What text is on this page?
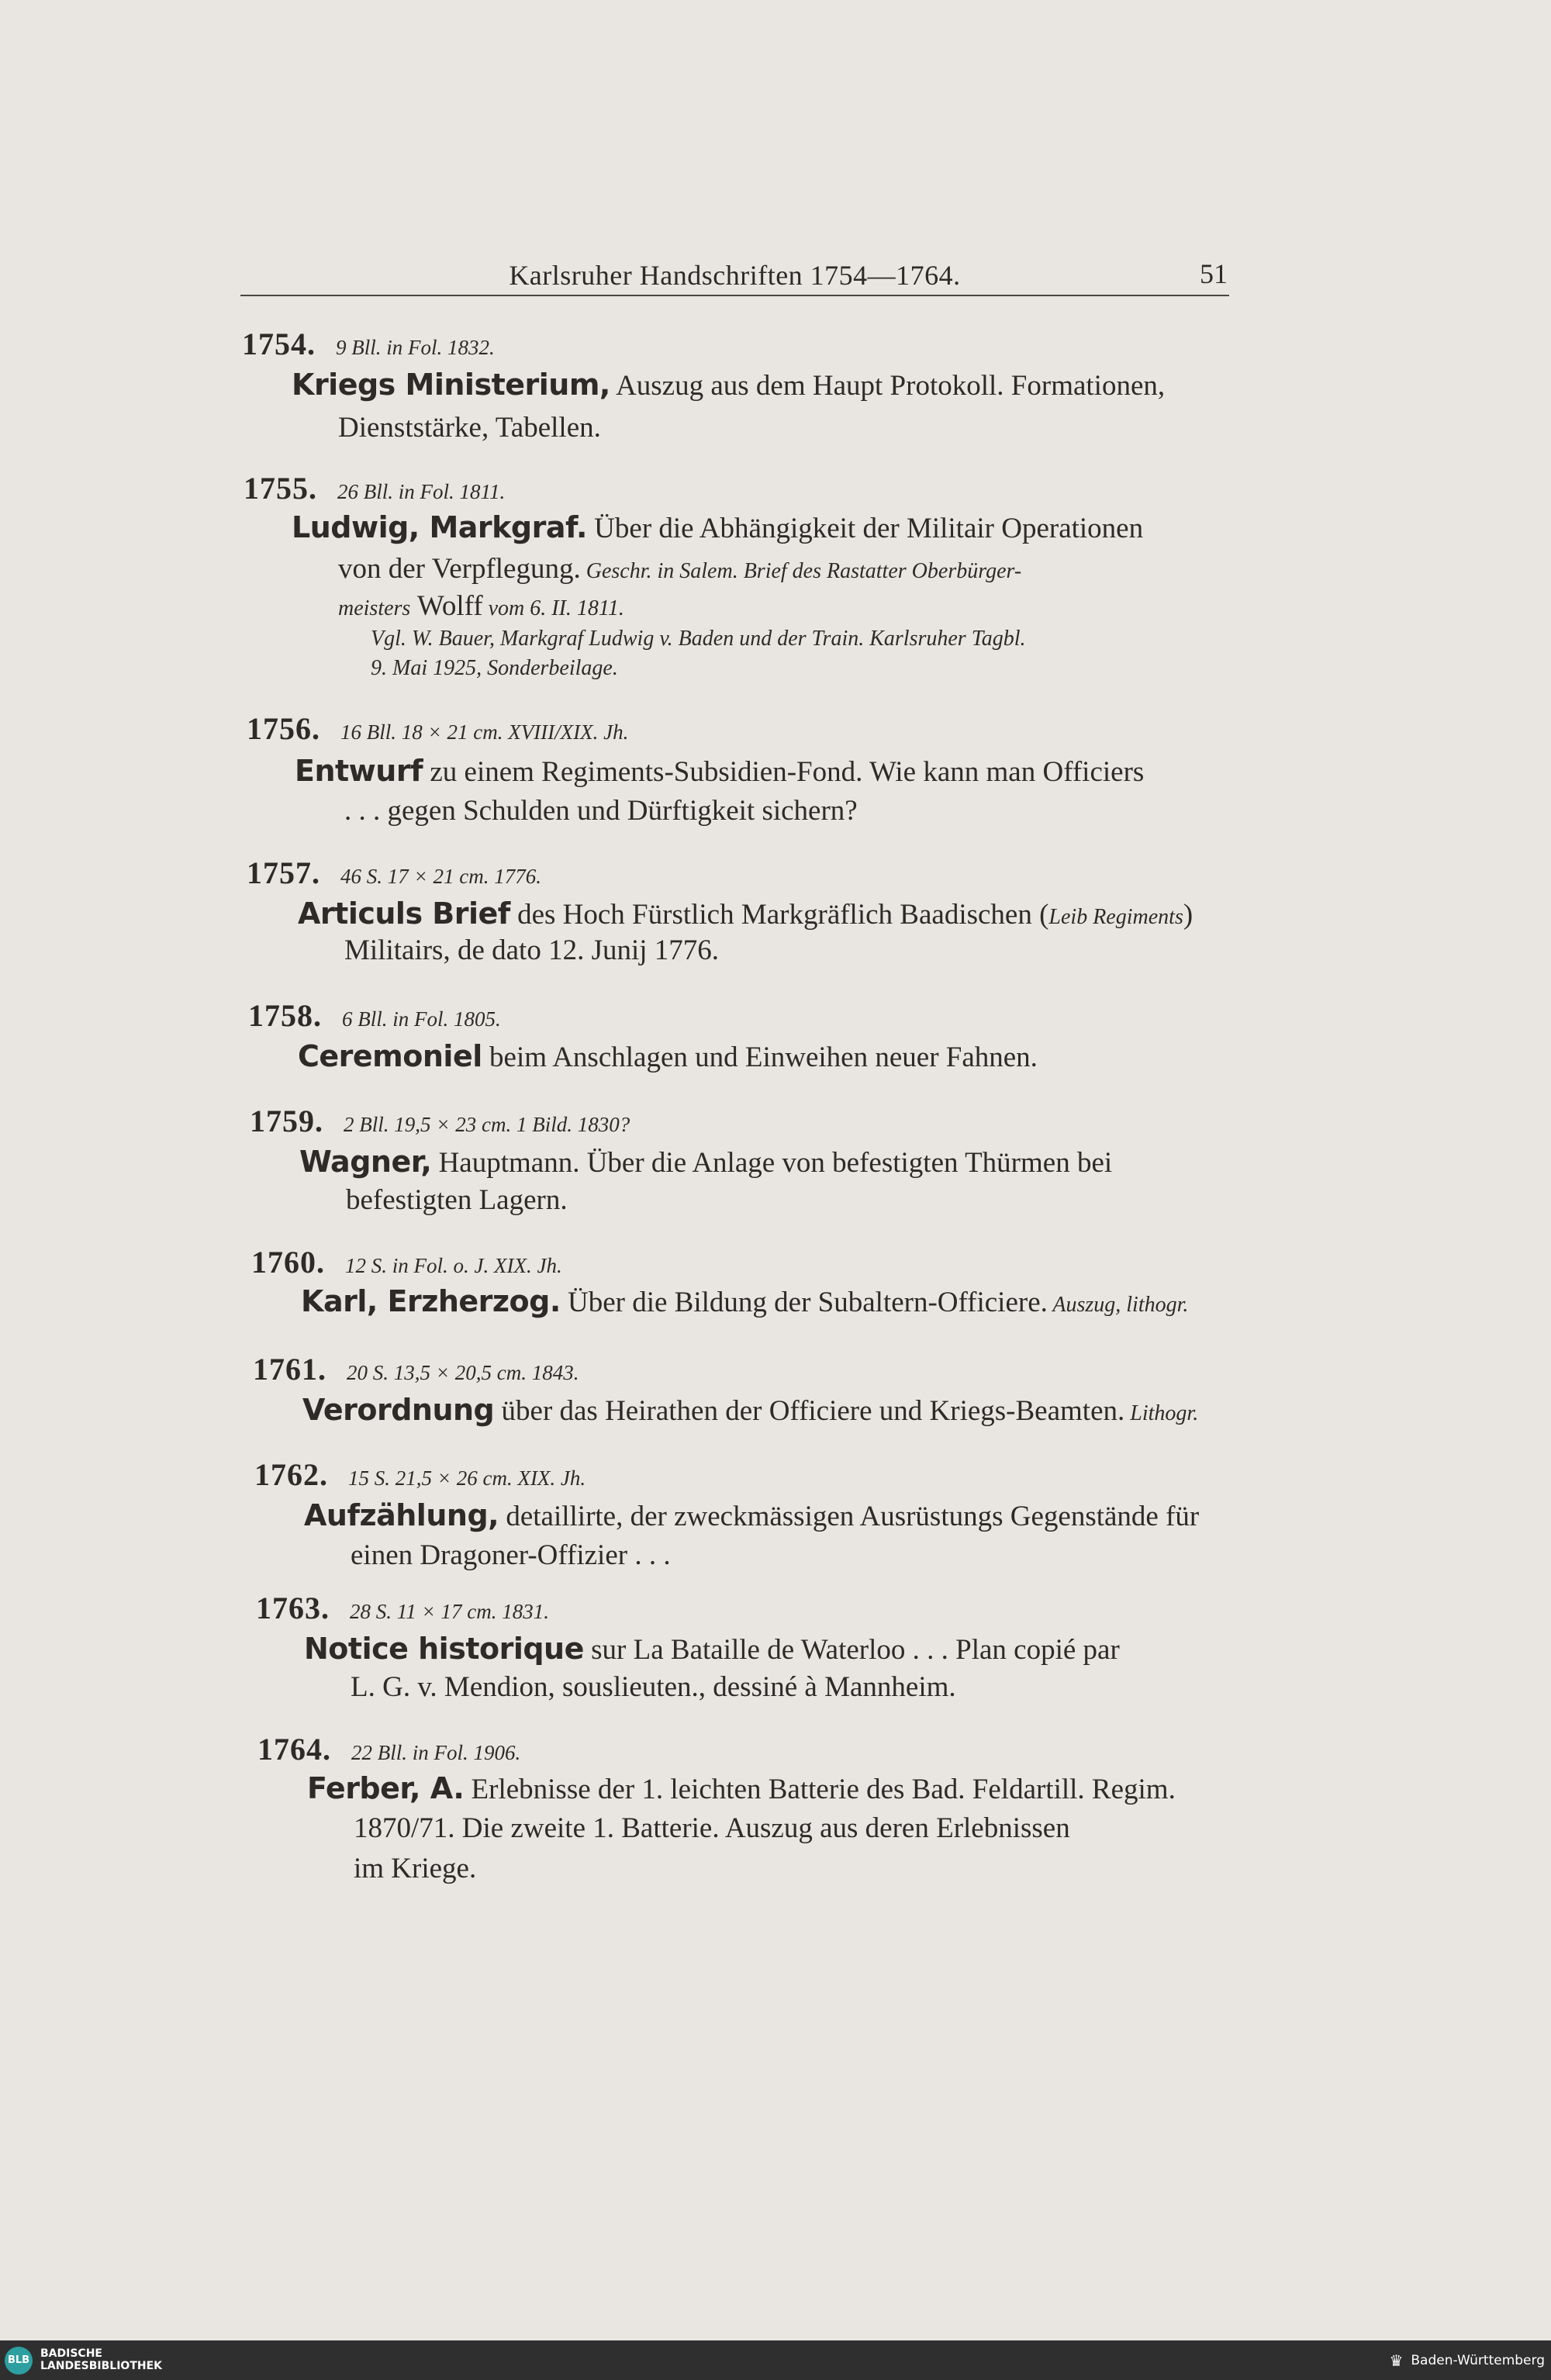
Karlsruher Handschriften 1754—1764.	51
1754. 9 Bll. in Fol. 1832.
Kriegs Ministerium, Auszug aus dem Haupt Protokoll. Formationen,
Dienststärke, Tabellen.
1755. 26 Bll. in Fol. 1811.
Ludwig, Markgraf. Über die Abhängigkeit der Militair Operationen
von der Verpflegung. Geschr. in Salem. Brief des Rastatter Oberbürger-
meisters Wolff vom 6. II. 1811.
Vgl. W. Bauer, Markgraf Ludwig v. Baden und der Train. Karlsruher Tagbl.
9. Mai 1925, Sonderbeilage.
1756. 16 Bll. 18 × 21 cm. XVIII/XIX. Jh.
Entwurf zu einem Regiments-Subsidien-Fond. Wie kann man Officiers
. . . gegen Schulden und Dürftigkeit sichern?
1757. 46 S. 17 × 21 cm. 1776.
Articuls Brief des Hoch Fürstlich Markgräflich Baadischen (Leib Regiments)
Militairs, de dato 12. Junij 1776.
1758. 6 Bll. in Fol. 1805.
Ceremoniel beim Anschlagen und Einweihen neuer Fahnen.
1759. 2 Bll. 19,5 × 23 cm. 1 Bild. 1830?
Wagner, Hauptmann. Über die Anlage von befestigten Thürmen bei
befestigten Lagern.
1760. 12 S. in Fol. o. J. XIX. Jh.
Karl, Erzherzog. Über die Bildung der Subaltern-Officiere. Auszug, lithogr.
1761. 20 S. 13,5 × 20,5 cm. 1843.
Verordnung über das Heirathen der Officiere und Kriegs-Beamten. Lithogr.
1762. 15 S. 21,5 × 26 cm. XIX. Jh.
Aufzählung, detaillirte, der zweckmässigen Ausrüstungs Gegenstände für
einen Dragoner-Offizier . . .
1763. 28 S. 11 × 17 cm. 1831.
Notice historique sur La Bataille de Waterloo . . . Plan copié par
L. G. v. Mendion, souslieuten., dessiné à Mannheim.
1764. 22 Bll. in Fol. 1906.
Ferber, A. Erlebnisse der 1. leichten Batterie des Bad. Feldartill. Regim.
1870/71. Die zweite 1. Batterie. Auszug aus deren Erlebnissen
im Kriege.
BLB
BADISCHE
LANDESBIBLIOTHEK	♛ Baden-Württemberg
